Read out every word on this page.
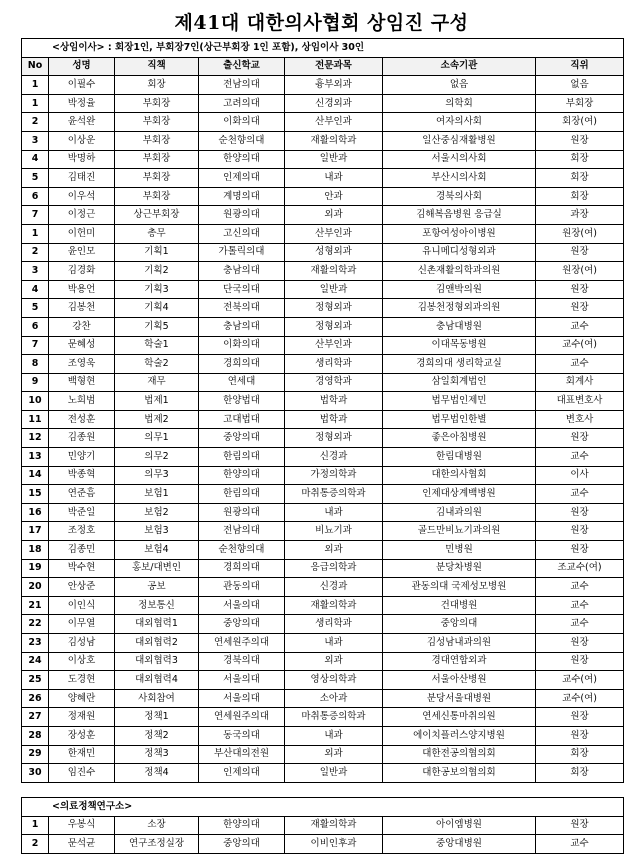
제41대 대한의사협회 상임진 구성
<상임이사> : 회장1인, 부회장7인(상근부회장 1인 포함), 상임이사 30인						
No	성명	직책	출신학교	전문과목	소속기관	직위
1	이필수	회장	전남의대	흉부외과	없음	없음
1	박정율	부회장	고려의대	신경외과	의학회	부회장
2	윤석완	부회장	이화의대	산부인과	여자의사회	회장(여)
3	이상운	부회장	순천향의대	재활의학과	일산중심재활병원	원장
4	박명하	부회장	한양의대	일반과	서울시의사회	회장
5	김태진	부회장	인제의대	내과	부산시의사회	회장
6	이우석	부회장	계명의대	안과	경북의사회	회장
7	이정근	상근부회장	원광의대	외과	김해복음병원 응급실	과장
1	이헌미	총무	고신의대	산부인과	포항여성아이병원	원장(여)
2	윤인모	기획1	가톨릭의대	성형외과	유니메디성형외과	원장
3	김경화	기획2	충남의대	재활의학과	신촌재활의학과의원	원장(여)
4	박용언	기획3	단국의대	일반과	김앤박의원	원장
5	김봉천	기획4	전북의대	정형외과	김봉천정형외과의원	원장
6	강찬	기획5	충남의대	정형외과	충남대병원	교수
7	문혜성	학술1	이화의대	산부인과	이대목동병원	교수(여)
8	조영욱	학술2	경희의대	생리학과	경희의대 생리학교실	교수
9	백형현	재무	연세대	경영학과	삼일회계법인	회계사
10	노희범	법제1	한양법대	법학과	법무법인제민	대표변호사
11	전성훈	법제2	고대법대	법학과	법무법인한별	변호사
12	김종원	의무1	중앙의대	정형외과	좋은아침병원	원장
13	민양기	의무2	한림의대	신경과	한림대병원	교수
14	박종혁	의무3	한양의대	가정의학과	대한의사협회	이사
15	연준흠	보험1	한림의대	마취통증의학과	인제대상계백병원	교수
16	박준일	보험2	원광의대	내과	김내과의원	원장
17	조정호	보험3	전남의대	비뇨기과	골드만비뇨기과의원	원장
18	김종민	보험4	순천향의대	외과	민병원	원장
19	박수현	홍보/대변인	경희의대	응급의학과	분당차병원	조교수(여)
20	안상준	공보	관동의대	신경과	관동의대 국제성모병원	교수
21	이인식	정보통신	서울의대	재활의학과	건대병원	교수
22	이무열	대외협력1	중앙의대	생리학과	중앙의대	교수
23	김성남	대외협력2	연세원주의대	내과	김성남내과의원	원장
24	이상호	대외협력3	경북의대	외과	경대연합외과	원장
25	도경현	대외협력4	서울의대	영상의학과	서울아산병원	교수(여)
26	양혜란	사회참여	서울의대	소아과	분당서울대병원	교수(여)
27	정재원	정책1	연세원주의대	마취통증의학과	연세신통마취의원	원장
28	장성훈	정책2	동국의대	내과	에이치플러스양지병원	원장
29	한재민	정책3	부산대의전원	외과	대한전공의협의회	회장
30	임진수	정책4	인제의대	일반과	대한공보의협의회	회장
<의료정책연구소>						
1	우봉식	소장	한양의대	재활의학과	아이엠병원	원장
2	문석균	연구조정실장	중앙의대	이비인후과	중앙대병원	교수
